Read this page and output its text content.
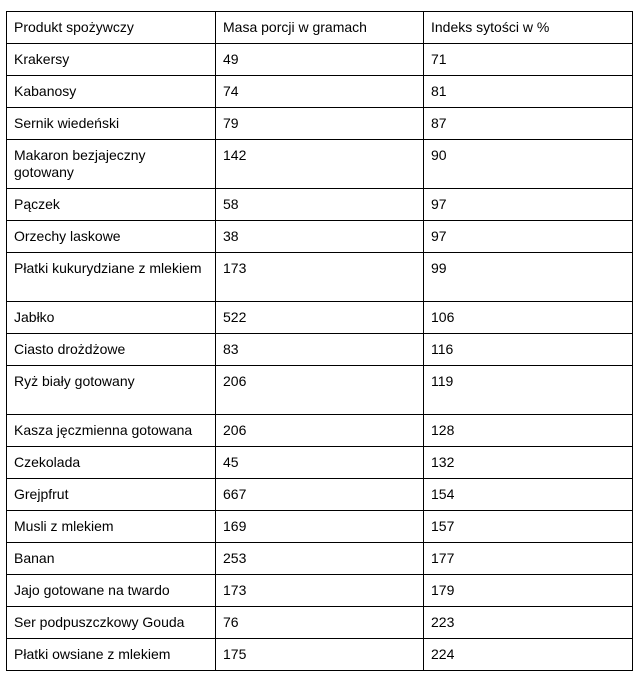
Produkt spożywczy	Masa porcji w gramach	Indeks sytości w %
Krakersy	49	71
Kabanosy	74	81
Sernik wiedeński	79	87
Makaron bezjajeczny gotowany	142	90
Pączek	58	97
Orzechy laskowe	38	97
Płatki kukurydziane z mlekiem	173	99
Jabłko	522	106
Ciasto drożdżowe	83	116
Ryż biały gotowany	206	119
Kasza jęczmienna gotowana	206	128
Czekolada	45	132
Grejpfrut	667	154
Musli z mlekiem	169	157
Banan	253	177
Jajo gotowane na twardo	173	179
Ser podpuszczkowy Gouda	76	223
Płatki owsiane z mlekiem	175	224
